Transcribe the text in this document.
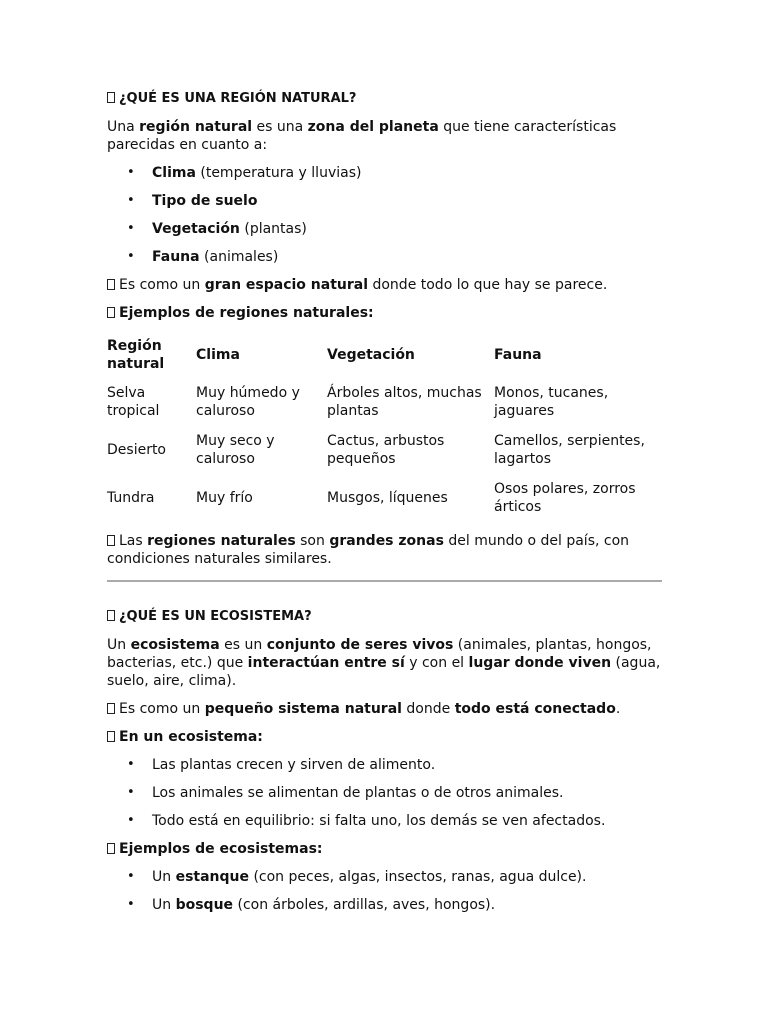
¿QUÉ ES UNA REGIÓN NATURAL?

Una región natural es una zona del planeta que tiene características parecidas en cuanto a:

• Clima (temperatura y lluvias)
• Tipo de suelo
• Vegetación (plantas)
• Fauna (animales)

Es como un gran espacio natural donde todo lo que hay se parece.

Ejemplos de regiones naturales:

Región natural	Clima	Vegetación	Fauna
Selva tropical	Muy húmedo y caluroso	Árboles altos, muchas plantas	Monos, tucanes, jaguares
Desierto	Muy seco y caluroso	Cactus, arbustos pequeños	Camellos, serpientes, lagartos
Tundra	Muy frío	Musgos, líquenes	Osos polares, zorros árticos

Las regiones naturales son grandes zonas del mundo o del país, con condiciones naturales similares.

¿QUÉ ES UN ECOSISTEMA?

Un ecosistema es un conjunto de seres vivos (animales, plantas, hongos, bacterias, etc.) que interactúan entre sí y con el lugar donde viven (agua, suelo, aire, clima).

Es como un pequeño sistema natural donde todo está conectado.

En un ecosistema:

• Las plantas crecen y sirven de alimento.
• Los animales se alimentan de plantas o de otros animales.
• Todo está en equilibrio: si falta uno, los demás se ven afectados.

Ejemplos de ecosistemas:

• Un estanque (con peces, algas, insectos, ranas, agua dulce).
• Un bosque (con árboles, ardillas, aves, hongos).
